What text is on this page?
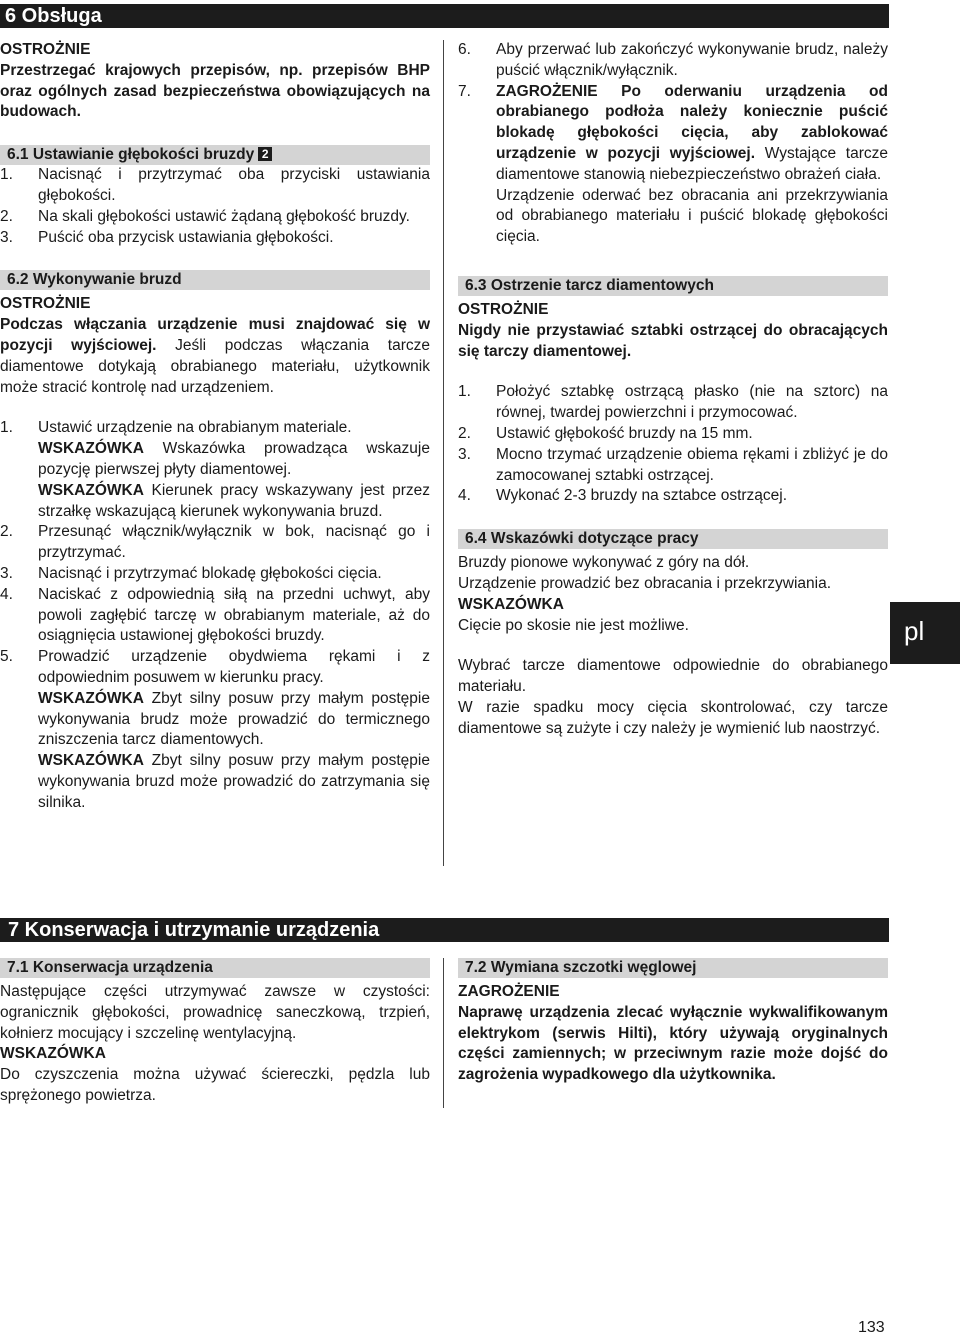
6 Obsługa

OSTROŻNIE

Przestrzegać krajowych przepisów, np. przepisów BHP oraz ogólnych zasad bezpieczeństwa obowiązujących na budowach.

6.1 Ustawianie głębokości bruzdy 2
1.	Nacisnąć i przytrzymać oba przyciski ustawiania głębokości.
2.	Na skali głębokości ustawić żądaną głębokość bruzdy.
3.	Puścić oba przycisk ustawiania głębokości.
6.2 Wykonywanie bruzd

OSTROŻNIE

Podczas włączania urządzenie musi znajdować się w pozycji wyjściowej. Jeśli podczas włączania tarcze diamentowe dotykają obrabianego materiału, użytkownik może stracić kontrolę nad urządzeniem.

1.	Ustawić urządzenie na obrabianym materiale.
WSKAZÓWKA Wskazówka prowadząca wskazuje pozycję pierwszej płyty diamentowej.
WSKAZÓWKA Kierunek pracy wskazywany jest przez strzałkę wskazującą kierunek wykonywania bruzd.
2.	Przesunąć włącznik/wyłącznik w bok, nacisnąć go i przytrzymać.
3.	Nacisnąć i przytrzymać blokadę głębokości cięcia.
4.	Naciskać z odpowiednią siłą na przedni uchwyt, aby powoli zagłębić tarczę w obrabianym materiale, aż do osiągnięcia ustawionej głębokości bruzdy.
5.	Prowadzić urządzenie obydwiema rękami i z odpowiednim posuwem w kierunku pracy.
WSKAZÓWKA Zbyt silny posuw przy małym postępie wykonywania brudz może prowadzić do termicznego zniszczenia tarcz diamentowych.
WSKAZÓWKA Zbyt silny posuw przy małym postępie wykonywania bruzd może prowadzić do zatrzymania się silnika.
6.	Aby przerwać lub zakończyć wykonywanie brudz, należy puścić włącznik/wyłącznik.
7.	ZAGROŻENIE Po oderwaniu urządzenia od obrabianego podłoża należy koniecznie puścić blokadę głębokości cięcia, aby zablokować urządzenie w pozycji wyjściowej. Wystające tarcze diamentowe stanowią niebezpieczeństwo obrażeń ciała.
Urządzenie oderwać bez obracania ani przekrzywiania od obrabianego materiału i puścić blokadę głębokości cięcia.
6.3 Ostrzenie tarcz diamentowych

OSTROŻNIE

Nigdy nie przystawiać sztabki ostrzącej do obracających się tarczy diamentowej.

1.	Położyć sztabkę ostrzącą płasko (nie na sztorc) na równej, twardej powierzchni i przymocować.
2.	Ustawić głębokość bruzdy na 15 mm.
3.	Mocno trzymać urządzenie obiema rękami i zbliżyć je do zamocowanej sztabki ostrzącej.
4.	Wykonać 2-3 bruzdy na sztabce ostrzącej.
6.4 Wskazówki dotyczące pracy

Bruzdy pionowe wykonywać z góry na dół.

Urządzenie prowadzić bez obracania i przekrzywiania.

WSKAZÓWKA

Cięcie po skosie nie jest możliwe.

Wybrać tarcze diamentowe odpowiednie do obrabianego materiału.

W razie spadku mocy cięcia skontrolować, czy tarcze diamentowe są zużyte i czy należy je wymienić lub naostrzyć.

pl
7 Konserwacja i utrzymanie urządzenia
7.1 Konserwacja urządzenia

Następujące części utrzymywać zawsze w czystości: ogranicznik głębokości, prowadnicę saneczkową, trzpień, kołnierz mocujący i szczelinę wentylacyjną.

WSKAZÓWKA

Do czyszczenia można używać ściereczki, pędzla lub sprężonego powietrza.

7.2 Wymiana szczotki węglowej

ZAGROŻENIE

Naprawę urządzenia zlecać wyłącznie wykwalifikowanym elektrykom (serwis Hilti), który używają oryginalnych części zamiennych; w przeciwnym razie może dojść do zagrożenia wypadkowego dla użytkownika.

133
